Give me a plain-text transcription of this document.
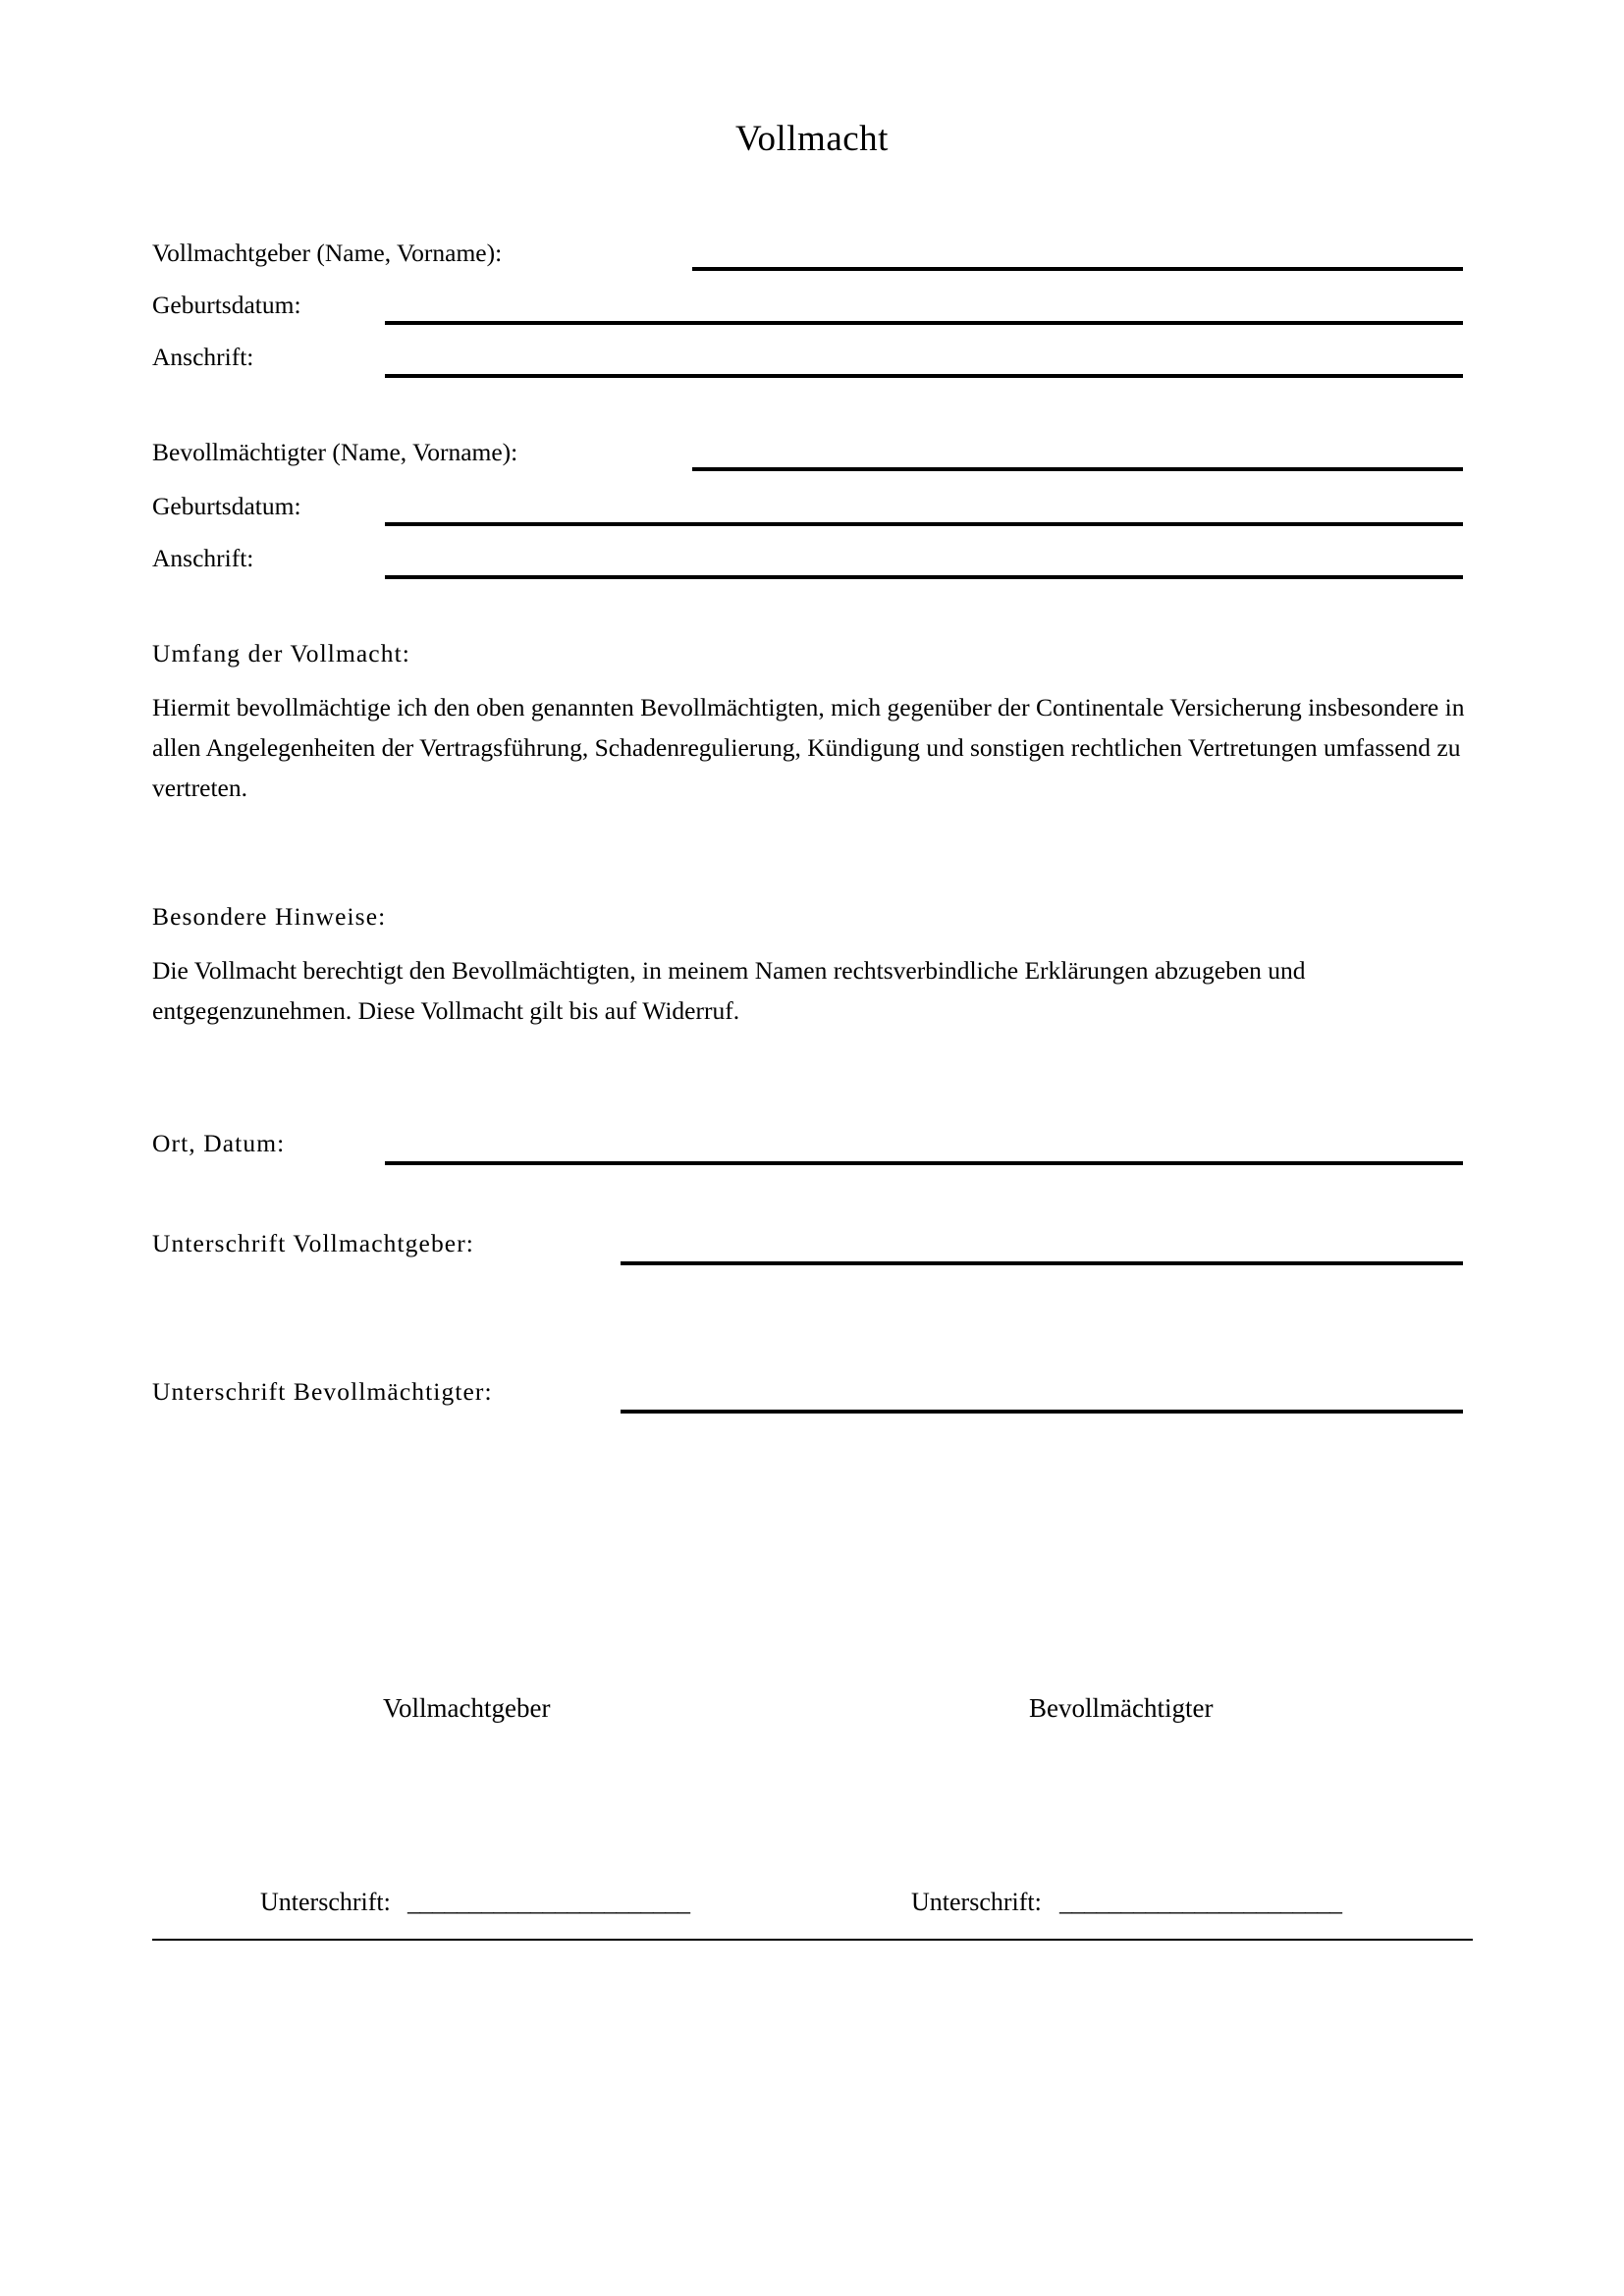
Vollmacht
Vollmachtgeber (Name, Vorname):
Geburtsdatum:
Anschrift:
Bevollmächtigter (Name, Vorname):
Geburtsdatum:
Anschrift:
Umfang der Vollmacht:
Hiermit bevollmächtige ich den oben genannten Bevollmächtigten, mich gegenüber der Continentale Versicherung insbesondere in allen Angelegenheiten der Vertragsführung, Schadenregulierung, Kündigung und sonstigen rechtlichen Vertretungen umfassend zu vertreten.
Besondere Hinweise:
Die Vollmacht berechtigt den Bevollmächtigten, in meinem Namen rechtsverbindliche Erklärungen abzugeben und entgegenzunehmen. Diese Vollmacht gilt bis auf Widerruf.
Ort, Datum:
Unterschrift Vollmachtgeber:
Unterschrift Bevollmächtigter:
Vollmachtgeber	Bevollmächtigter
Unterschrift: _______________________	Unterschrift: _______________________
